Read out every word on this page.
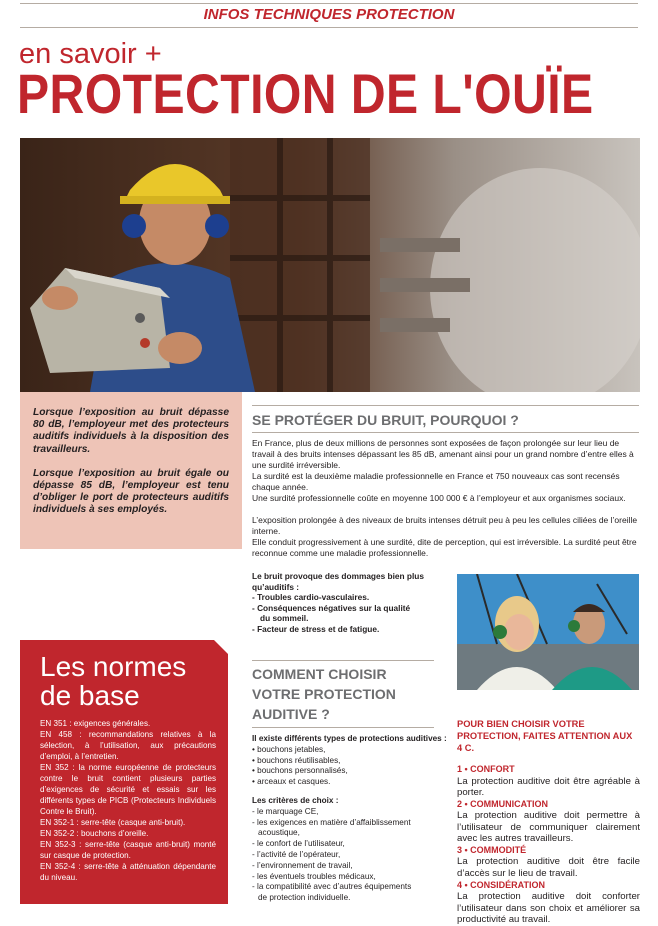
INFOS TECHNIQUES PROTECTION
en savoir +
PROTECTION DE L'OUÏE

Lorsque l’exposition au bruit dépasse 80 dB, l’employeur met des protecteurs auditifs individuels à la disposition des travailleurs.

Lorsque l’exposition au bruit égale ou dépasse 85 dB, l’employeur est tenu d’obliger le port de protecteurs auditifs individuels à ses employés.

SE PROTÉGER DU BRUIT, POURQUOI ?

En France, plus de deux millions de personnes sont exposées de façon prolongée sur leur lieu de travail à des bruits intenses dépassant les 85 dB, amenant ainsi pour un grand nombre d’entre elles à une surdité irréversible.

La surdité est la deuxième maladie professionnelle en France et 750 nouveaux cas sont recensés chaque année.

Une surdité professionnelle coûte en moyenne 100 000 € à l’employeur et aux organismes sociaux.

L’exposition prolongée à des niveaux de bruits intenses détruit peu à peu les cellules ciliées de l’oreille interne.

Elle conduit progressivement à une surdité, dite de perception, qui est irréversible. La surdité peut être reconnue comme une maladie professionnelle.

Le bruit provoque des dommages bien plus qu’auditifs :
- Troubles cardio-vasculaires.
- Conséquences négatives sur la qualité
du sommeil.
- Facteur de stress et de fatigue.
Les normes
de base

EN 351 : exigences générales.
EN 458 : recommandations relatives à la sélection, à l’utilisation, aux précautions d’emploi, à l’entretien.
EN 352 : la norme européenne de protecteurs contre le bruit contient plusieurs parties d’exigences de sécurité et essais sur les différents types de PICB (Protecteurs Individuels Contre le Bruit).
EN 352-1 : serre-tête (casque anti-bruit).
EN 352-2 : bouchons d’oreille.
EN 352-3 : serre-tête (casque anti-bruit) monté sur casque de protection.
EN 352-4 : serre-tête à atténuation dépendante du niveau.

COMMENT CHOISIR
VOTRE PROTECTION
AUDITIVE ?
Il existe différents types de protections auditives :
• bouchons jetables,
• bouchons réutilisables,
• bouchons personnalisés,
• arceaux et casques.
Les critères de choix :
- le marquage CE,
- les exigences en matière d’affaiblissement
acoustique,
- le confort de l’utilisateur,
- l’activité de l’opérateur,
- l’environnement de travail,
- les éventuels troubles médicaux,
- la compatibilité avec d’autres équipements
de protection individuelle.
POUR BIEN CHOISIR VOTRE PROTECTION, FAITES ATTENTION AUX 4 C.
1 • CONFORT
La protection auditive doit être agréable à porter.
2 • COMMUNICATION
La protection auditive doit permettre à l’utilisateur de communiquer clairement avec les autres travailleurs.
3 • COMMODITÉ
La protection auditive doit être facile d’accès sur le lieu de travail.
4 • CONSIDÉRATION
La protection auditive doit conforter l’utilisateur dans son choix et améliorer sa productivité au travail.
